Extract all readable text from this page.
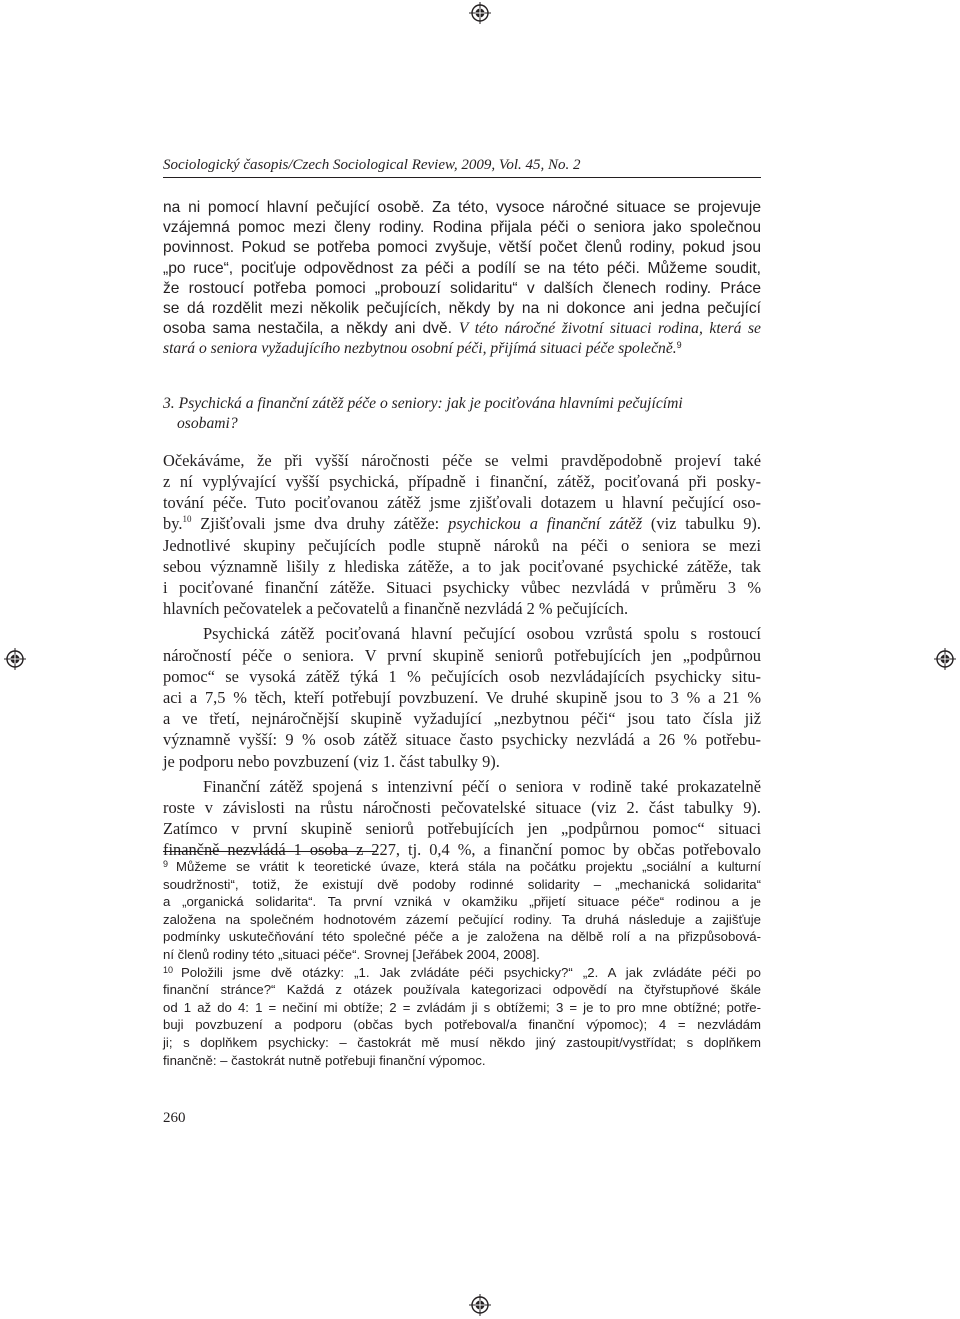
Sociologický časopis/Czech Sociological Review, 2009, Vol. 45, No. 2
na ni pomocí hlavní pečující osobě. Za této, vysoce náročné situace se projevuje
vzájemná pomoc mezi členy rodiny. Rodina přijala péči o seniora jako společnou
povinnost. Pokud se potřeba pomoci zvyšuje, větší počet členů rodiny, pokud jsou
„po ruce“, pociťuje odpovědnost za péči a podílí se na této péči. Můžeme soudit,
že rostoucí potřeba pomoci „probouzí solidaritu“ v dalších členech rodiny. Práce
se dá rozdělit mezi několik pečujících, někdy by na ni dokonce ani jedna pečující
osoba sama nestačila, a někdy ani dvě. V této náročné životní situaci rodina, která se
stará o seniora vyžadujícího nezbytnou osobní péči, přijímá situaci péče společně.$^9$
3. Psychická a finanční zátěž péče o seniory: jak je pociťována hlavními pečujícími
osobami?
Očekáváme, že při vyšší náročnosti péče se velmi pravděpodobně projeví také
z ní vyplývající vyšší psychická, případně i finanční, zátěž, pociťovaná při posky-
tování péče. Tuto pociťovanou zátěž jsme zjišťovali dotazem u hlavní pečující oso-
by.$^{10}$ Zjišťovali jsme dva druhy zátěže: psychickou a finanční zátěž (viz tabulku 9).
Jednotlivé skupiny pečujících podle stupně nároků na péči o seniora se mezi
sebou významně lišily z hlediska zátěže, a to jak pociťované psychické zátěže, tak
i pociťované finanční zátěže. Situaci psychicky vůbec nezvládá v průměru 3 %
hlavních pečovatelek a pečovatelů a finančně nezvládá 2 % pečujících.
Psychická zátěž pociťovaná hlavní pečující osobou vzrůstá spolu s rostoucí
náročností péče o seniora. V první skupině seniorů potřebujících jen „podpůrnou
pomoc“ se vysoká zátěž týká 1 % pečujících osob nezvládajících psychicky situ-
aci a 7,5 % těch, kteří potřebují povzbuzení. Ve druhé skupině jsou to 3 % a 21 %
a ve třetí, nejnáročnější skupině vyžadující „nezbytnou péči“ jsou tato čísla již
významně vyšší: 9 % osob zátěž situace často psychicky nezvládá a 26 % potřebu-
je podporu nebo povzbuzení (viz 1. část tabulky 9).
Finanční zátěž spojená s intenzivní péčí o seniora v rodině také prokazatelně
roste v závislosti na růstu náročnosti pečovatelské situace (viz 2. část tabulky 9).
Zatímco v první skupině seniorů potřebujících jen „podpůrnou pomoc“ situaci
finančně nezvládá 1 osoba z 227, tj. 0,4 %, a finanční pomoc by občas potřebovalo
$^9$ Můžeme se vrátit k teoretické úvaze, která stála na počátku projektu „sociální a kulturní
soudržnosti“, totiž, že existují dvě podoby rodinné solidarity – „mechanická solidarita“
a „organická solidarita“. Ta první vzniká v okamžiku „přijetí situace péče“ rodinou a je
založena na společném hodnotovém zázemí pečující rodiny. Ta druhá následuje a zajišťuje
podmínky uskutečňování této společné péče a je založena na dělbě rolí a na přizpůsobová-
ní členů rodiny této „situaci péče“. Srovnej [Jeřábek 2004, 2008].
$^{10}$ Položili jsme dvě otázky: „1. Jak zvládáte péči psychicky?“ „2. A jak zvládáte péči po
finanční stránce?“ Každá z otázek používala kategorizaci odpovědí na čtyřstupňové škále
od 1 až do 4: 1 = nečiní mi obtíže; 2 = zvládám ji s obtížemi; 3 = je to pro mne obtížné; potře-
buji povzbuzení a podporu (občas bych potřeboval/a finanční výpomoc); 4 = nezvládám
ji; s doplňkem psychicky: – častokrát mě musí někdo jiný zastoupit/vystřídat; s doplňkem
finančně: – častokrát nutně potřebuji finanční výpomoc.
260
